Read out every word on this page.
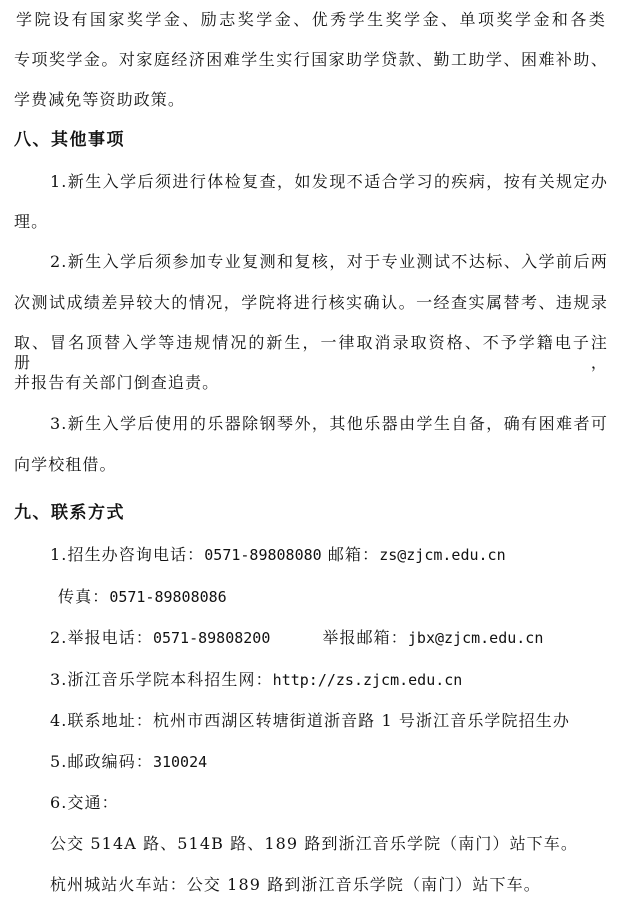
学院设有国家奖学金、励志奖学金、优秀学生奖学金、单项奖学金和各类
专项奖学金。对家庭经济困难学生实行国家助学贷款、勤工助学、困难补助、
学费减免等资助政策。
八、其他事项
1.新生入学后须进行体检复查，如发现不适合学习的疾病，按有关规定办
理。
2.新生入学后须参加专业复测和复核，对于专业测试不达标、入学前后两
次测试成绩差异较大的情况，学院将进行核实确认。一经查实属替考、违规录
取、冒名顶替入学等违规情况的新生，一律取消录取资格、不予学籍电子注册，
并报告有关部门倒查追责。
3.新生入学后使用的乐器除钢琴外，其他乐器由学生自备，确有困难者可
向学校租借。
九、联系方式
1.招生办咨询电话：0571-89808080 邮箱：zs@zjcm.edu.cn
传真：0571-89808086
2.举报电话：0571-89808200	举报邮箱：jbx@zjcm.edu.cn
3.浙江音乐学院本科招生网：http://zs.zjcm.edu.cn
4.联系地址：杭州市西湖区转塘街道浙音路 1 号浙江音乐学院招生办
5.邮政编码：310024
6.交通：
公交 514A 路、514B 路、189 路到浙江音乐学院（南门）站下车。
杭州城站火车站：公交 189 路到浙江音乐学院（南门）站下车。
